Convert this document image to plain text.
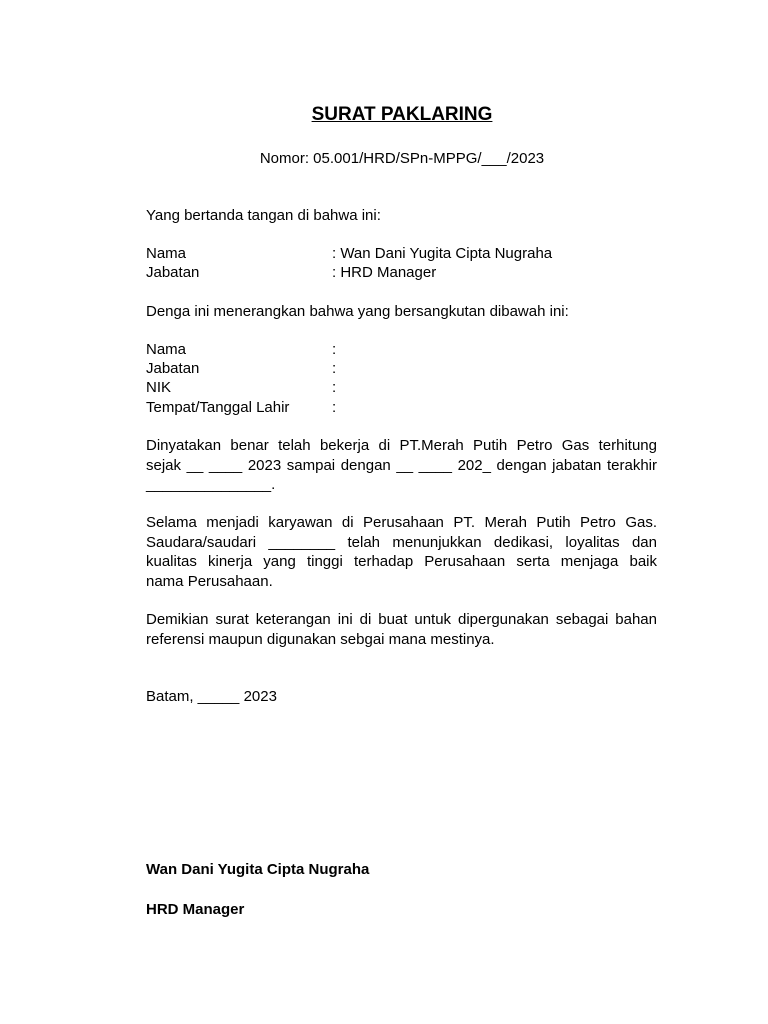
SURAT PAKLARING
Nomor: 05.001/HRD/SPn-MPPG/___/2023
Yang bertanda tangan di bahwa ini:
Nama	: Wan Dani Yugita Cipta Nugraha
Jabatan	: HRD Manager
Denga ini menerangkan bahwa yang bersangkutan dibawah ini:
Nama	:
Jabatan	:
NIK	:
Tempat/Tanggal Lahir	:
Dinyatakan benar telah bekerja di PT.Merah Putih Petro Gas terhitung
sejak __ ____ 2023 sampai dengan __ ____ 202_ dengan jabatan terakhir
_______________.
Selama menjadi karyawan di Perusahaan PT. Merah Putih Petro Gas.
Saudara/saudari ________ telah menunjukkan dedikasi, loyalitas dan
kualitas kinerja yang tinggi terhadap Perusahaan serta menjaga baik
nama Perusahaan.
Demikian surat keterangan ini di buat untuk dipergunakan sebagai bahan
referensi maupun digunakan sebgai mana mestinya.
Batam, _____ 2023
Wan Dani Yugita Cipta Nugraha
HRD Manager
